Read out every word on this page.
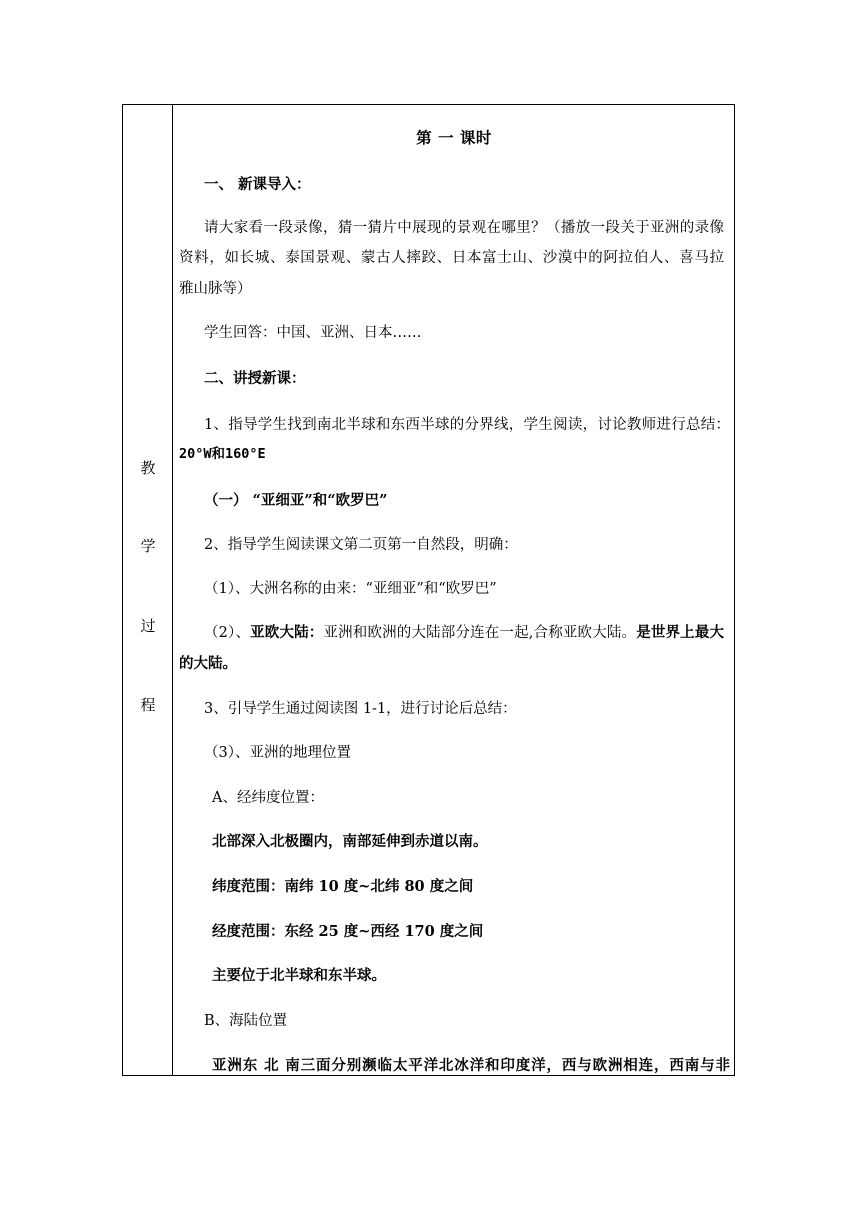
教
学
过
程
第 一 课时
一、 新课导入：
请大家看一段录像，猜一猜片中展现的景观在哪里？（播放一段关于亚洲的录像
资料，如长城、泰国景观、蒙古人摔跤、日本富士山、沙漠中的阿拉伯人、喜马拉
雅山脉等）
学生回答：中国、亚洲、日本……
二、讲授新课：
1、指导学生找到南北半球和东西半球的分界线，学生阅读，讨论教师进行总结：
20°W和160°E
（一） “亚细亚”和“欧罗巴”
2、指导学生阅读课文第二页第一自然段，明确：
（1）、大洲名称的由来：“亚细亚”和“欧罗巴”
（2）、亚欧大陆：亚洲和欧洲的大陆部分连在一起,合称亚欧大陆。是世界上最大
的大陆。
3、引导学生通过阅读图 1-1，进行讨论后总结：
（3）、亚洲的地理位置
A、经纬度位置：
北部深入北极圈内，南部延伸到赤道以南。
纬度范围：南纬 10 度~北纬 80 度之间
经度范围：东经 25 度~西经 170 度之间
主要位于北半球和东半球。
B、海陆位置
亚洲东 北 南三面分别濒临太平洋北冰洋和印度洋，西与欧洲相连，西南与非
